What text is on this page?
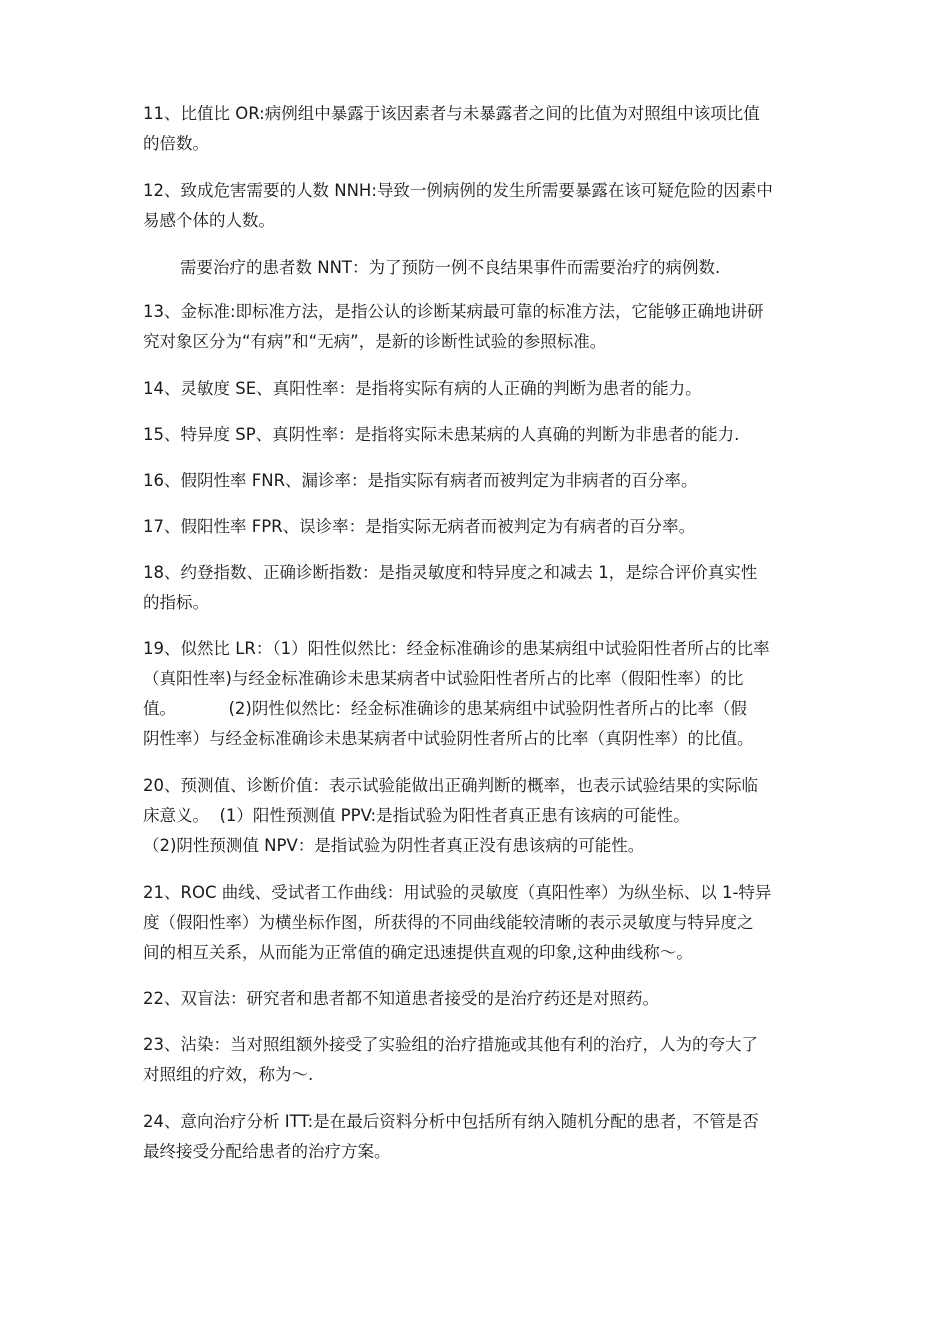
11、比值比 OR:病例组中暴露于该因素者与未暴露者之间的比值为对照组中该项比值
的倍数。
12、致成危害需要的人数 NNH:导致一例病例的发生所需要暴露在该可疑危险的因素中
易感个体的人数。
需要治疗的患者数 NNT：为了预防一例不良结果事件而需要治疗的病例数.
13、金标准:即标准方法，是指公认的诊断某病最可靠的标准方法，它能够正确地讲研
究对象区分为“有病”和“无病”，是新的诊断性试验的参照标准。
14、灵敏度 SE、真阳性率：是指将实际有病的人正确的判断为患者的能力。
15、特异度 SP、真阴性率：是指将实际未患某病的人真确的判断为非患者的能力.
16、假阴性率 FNR、漏诊率：是指实际有病者而被判定为非病者的百分率。
17、假阳性率 FPR、误诊率：是指实际无病者而被判定为有病者的百分率。
18、约登指数、正确诊断指数：是指灵敏度和特异度之和减去 1，是综合评价真实性
的指标。
19、似然比 LR：（1）阳性似然比：经金标准确诊的患某病组中试验阳性者所占的比率
（真阳性率)与经金标准确诊未患某病者中试验阳性者所占的比率（假阳性率）的比
值。          (2)阴性似然比：经金标准确诊的患某病组中试验阴性者所占的比率（假
阴性率）与经金标准确诊未患某病者中试验阴性者所占的比率（真阴性率）的比值。
20、预测值、诊断价值：表示试验能做出正确判断的概率，也表示试验结果的实际临
床意义。  (1）阳性预测值 PPV:是指试验为阳性者真正患有该病的可能性。
（2)阴性预测值 NPV：是指试验为阴性者真正没有患该病的可能性。
21、ROC 曲线、受试者工作曲线：用试验的灵敏度（真阳性率）为纵坐标、以 1-特异
度（假阳性率）为横坐标作图，所获得的不同曲线能较清晰的表示灵敏度与特异度之
间的相互关系，从而能为正常值的确定迅速提供直观的印象,这种曲线称～。
22、双盲法：研究者和患者都不知道患者接受的是治疗药还是对照药。
23、沾染：当对照组额外接受了实验组的治疗措施或其他有利的治疗，人为的夸大了
对照组的疗效，称为～.
24、意向治疗分析 ITT:是在最后资料分析中包括所有纳入随机分配的患者，不管是否
最终接受分配给患者的治疗方案。
